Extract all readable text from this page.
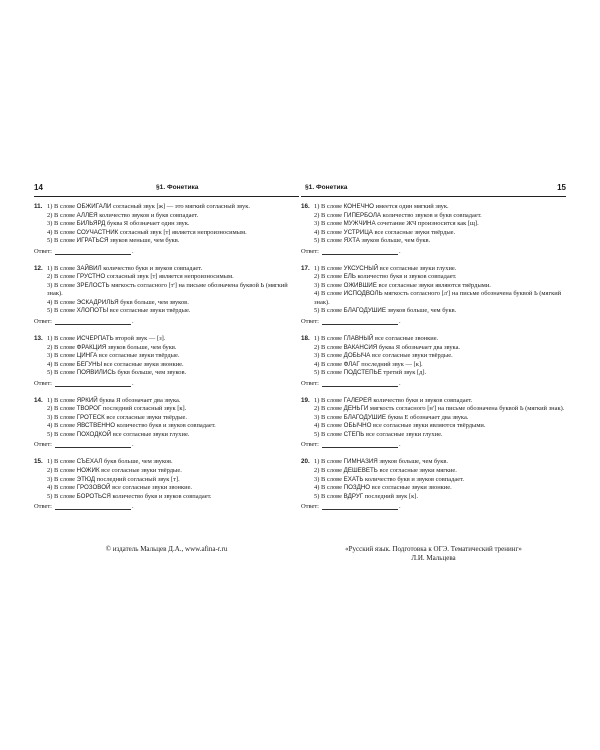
14	§1. Фонетика
11. 1) В слове ОБЖИГАЛИ согласный звук [ж] — это мягкий согласный звук.
2) В слове АЛЛЕЯ количество звуков и букв совпадает.
3) В слове БИЛЬЯРД буква Я обозначает один звук.
4) В слове СОУЧАСТНИК согласный звук [т] является непроизносимым.
5) В слове ИГРАТЬСЯ звуков меньше, чем букв.
Ответ:	.
12. 1) В слове ЗАЙВИЛ количество букв и звуков совпадает.
2) В слове ГРУСТНО согласный звук [т] является непроизносимым.
3) В слове ЗРЕЛОСТЬ мягкость согласного [т'] на письме обозначена буквой Ь (мягкий знак).
4) В слове ЭСКАДРИЛЬЯ букв больше, чем звуков.
5) В слове ХЛОПОТЫ все согласные звуки твёрдые.
Ответ:	.
13. 1) В слове ИСЧЕРПАТЬ второй звук — [з].
2) В слове ФРАКЦИЯ звуков больше, чем букв.
3) В слове ЦИНГА все согласные звуки твёрдые.
4) В слове БЕГУНЫ все согласные звуки звонкие.
5) В слове ПОЯВИЛИСЬ букв больше, чем звуков.
Ответ:	.
14. 1) В слове ЯРКИЙ буква Я обозначает два звука.
2) В слове ТВОРОГ последний согласный звук [к].
3) В слове ГРОТЕСК все согласные звуки твёрдые.
4) В слове ЯВСТВЕННО количество букв и звуков совпадает.
5) В слове ПОХОДКОЙ все согласные звуки глухие.
Ответ:	.
15. 1) В слове СЪЕХАЛ букв больше, чем звуков.
2) В слове НОЖИК все согласные звуки твёрдые.
3) В слове ЭТЮД последний согласный звук [т].
4) В слове ГРОЗОВОЙ все согласные звуки звонкие.
5) В слове БОРОТЬСЯ количество букв и звуков совпадает.
Ответ:	.
§1. Фонетика	15
16. 1) В слове КОНЕЧНО имеется один мягкий звук.
2) В слове ГИПЕРБОЛА количество звуков и букв совпадает.
3) В слове МУЖЧИНА сочетание ЖЧ произносится как [щ].
4) В слове УСТРИЦА все согласные звуки твёрдые.
5) В слове ЯХТА звуков больше, чем букв.
Ответ:	.
17. 1) В слове УКСУСНЫЙ все согласные звуки глухие.
2) В слове ЕЛЬ количество букв и звуков совпадает.
3) В слове ОЖИВШИЕ все согласные звуки являются твёрдыми.
4) В слове ИСПОДВОЛЬ мягкость согласного [л'] на письме обозначена буквой Ь (мягкий знак).
5) В слове БЛАГОДУШИЕ звуков больше, чем букв.
Ответ:	.
18. 1) В слове ГЛАВНЫЙ все согласные звонкие.
2) В слове ВАКАНСИЯ буква Я обозначает два звука.
3) В слове ДОБЫЧА все согласные звуки твёрдые.
4) В слове ФЛАГ последний звук — [к].
5) В слове ПОДСТЕПЬЕ третий звук [д].
Ответ:	.
19. 1) В слове ГАЛЕРЕЯ количество букв и звуков совпадает.
2) В слове ДЕНЬГИ мягкость согласного [н'] на письме обозначена буквой Ь (мягкий знак).
3) В слове БЛАГОДУШИЕ буква Е обозначает два звука.
4) В слове ОБЫЧНО все согласные звуки являются твёрдыми.
5) В слове СТЕПЬ все согласные звуки глухие.
Ответ:	.
20. 1) В слове ГИМНАЗИЯ звуков больше, чем букв.
2) В слове ДЕШЕВЕТЬ все согласные звуки мягкие.
3) В слове ЕХАТЬ количество букв и звуков совпадает.
4) В слове ПОЗДНО все согласные звуки звонкие.
5) В слове ВДРУГ последний звук [к].
Ответ:	.
© издатель Мальцев Д.А., www.afina-r.ru	«Русский язык. Подготовка к ОГЭ. Тематический тренинг»
Л.И. Мальцева
